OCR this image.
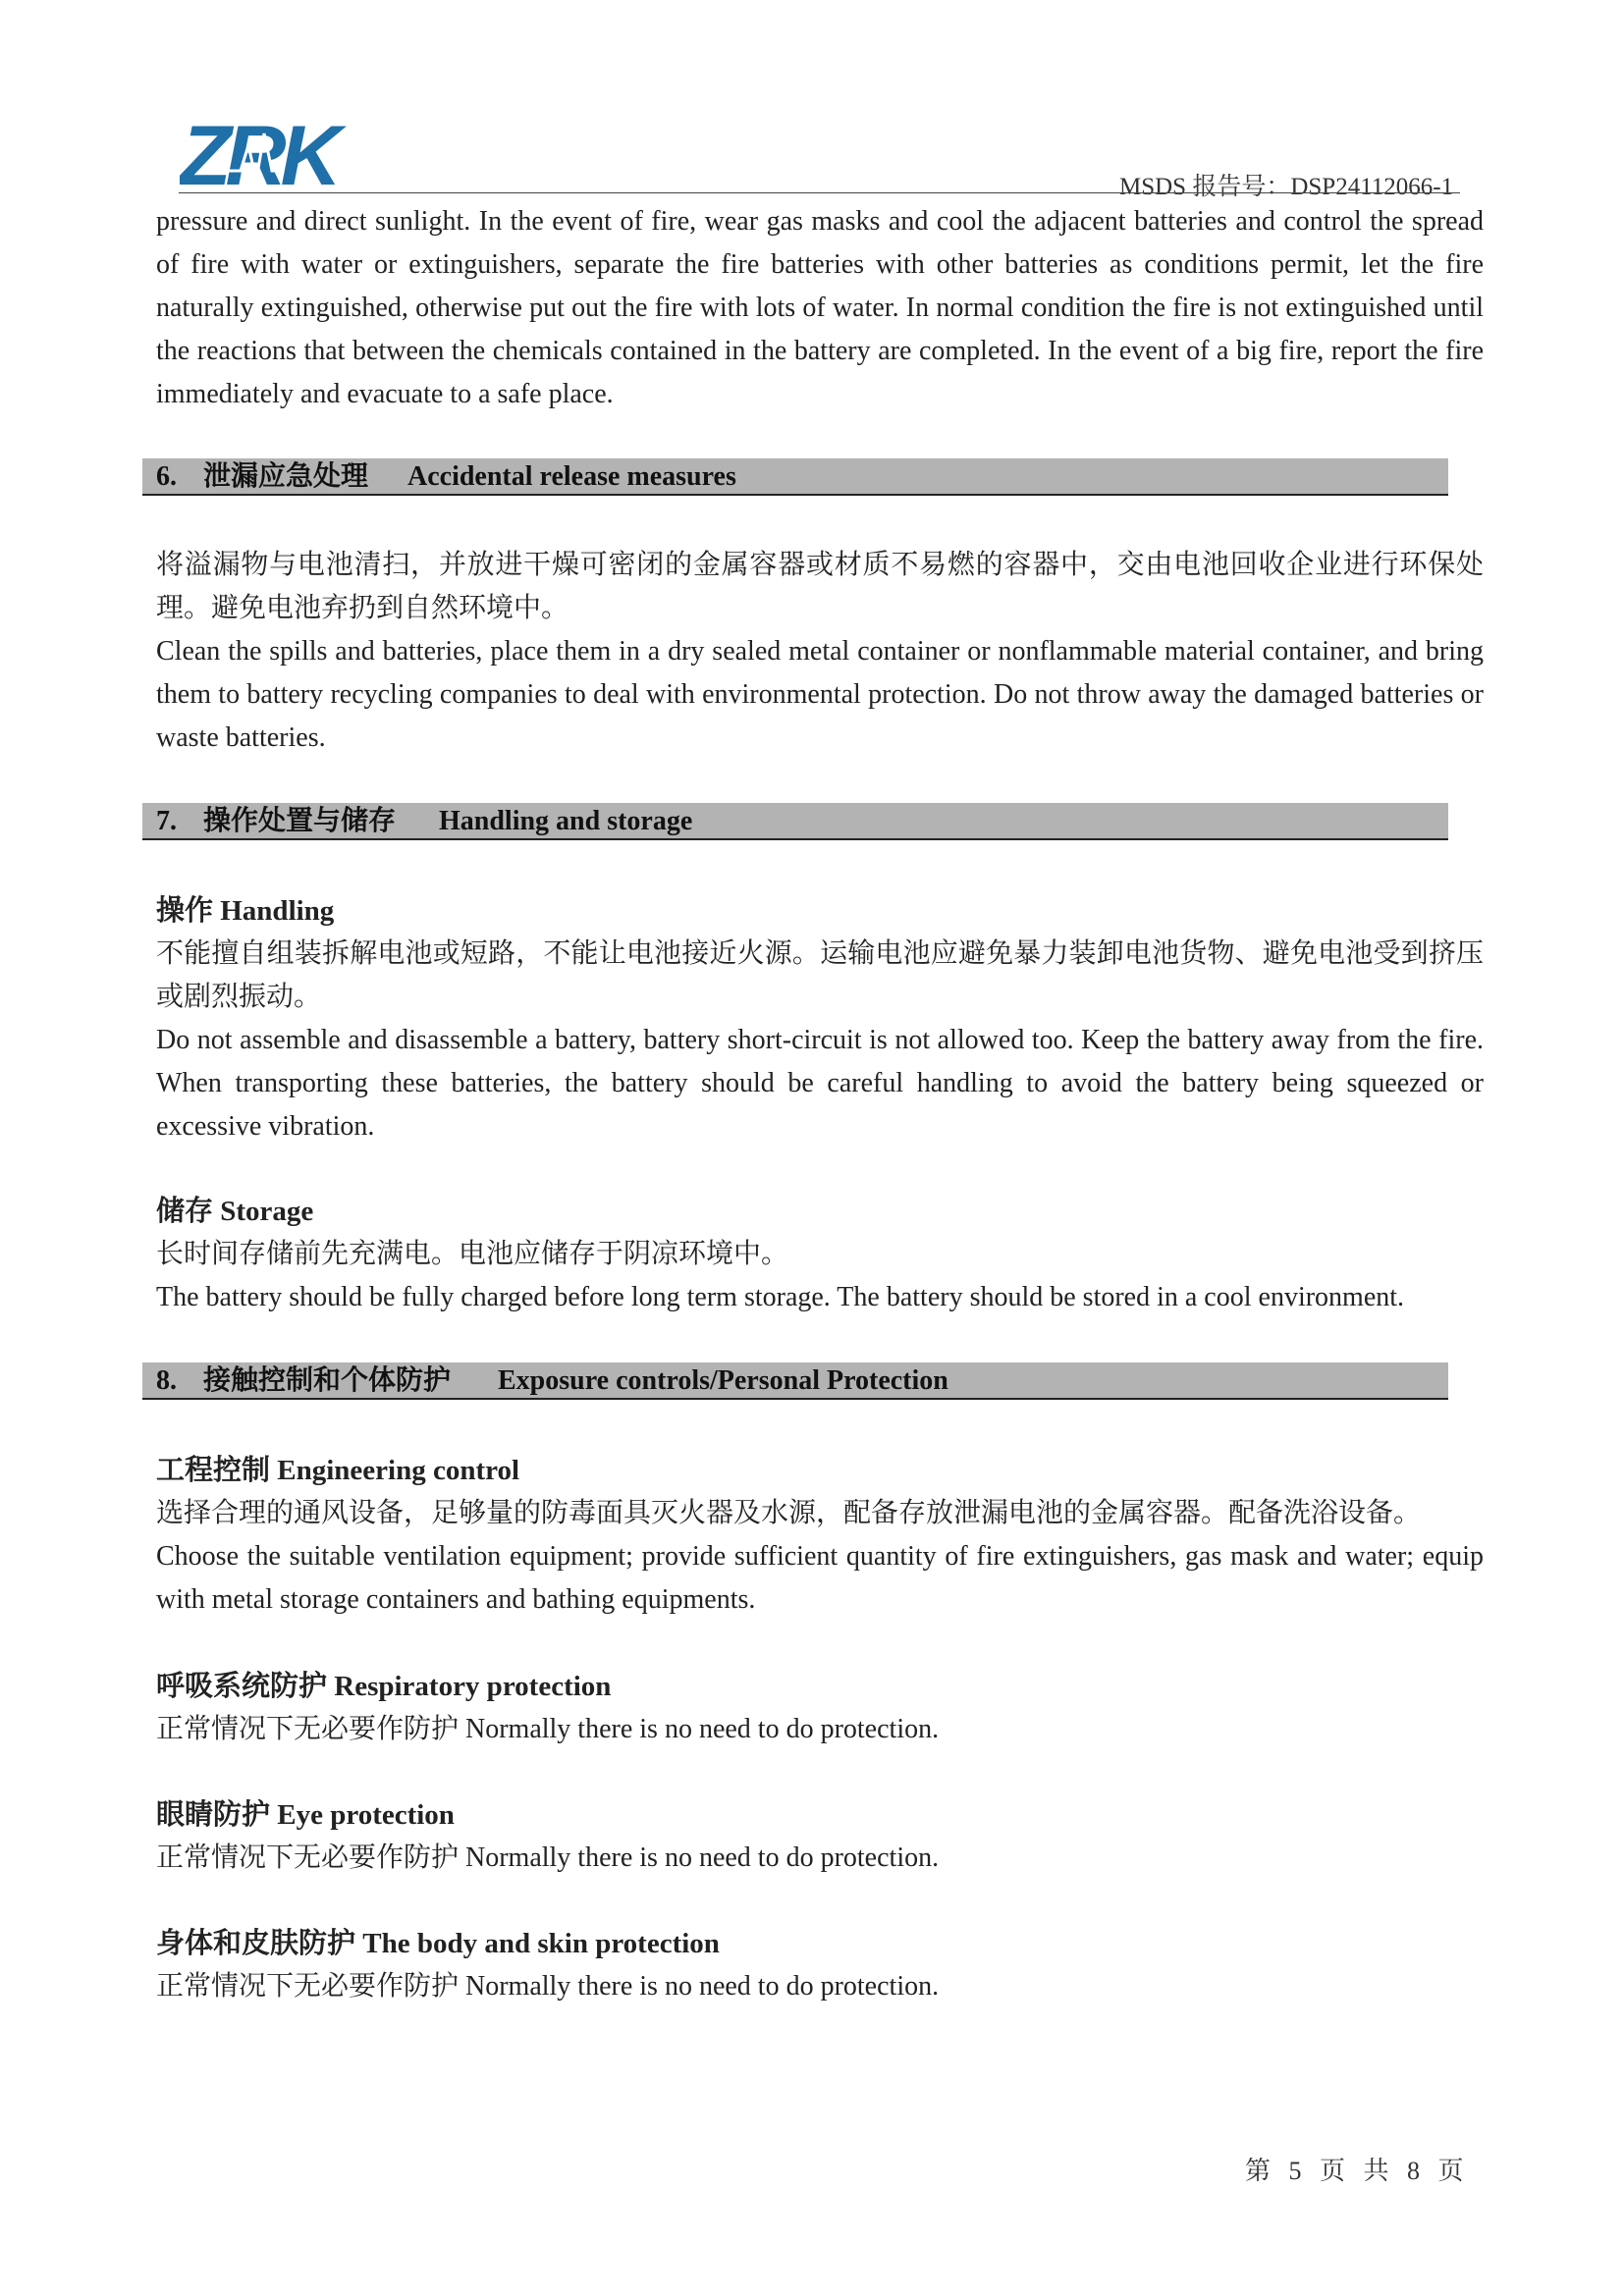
ZRK	MSDS 报告号：DSP24112066-1

pressure and direct sunlight. In the event of fire, wear gas masks and cool the adjacent batteries and control the spread of fire with water or extinguishers, separate the fire batteries with other batteries as conditions permit, let the fire naturally extinguished, otherwise put out the fire with lots of water. In normal condition the fire is not extinguished until the reactions that between the chemicals contained in the battery are completed. In the event of a big fire, report the fire immediately and evacuate to a safe place.

6. 泄漏应急处理 Accidental release measures

将溢漏物与电池清扫，并放进干燥可密闭的金属容器或材质不易燃的容器中，交由电池回收企业进行环保处理。避免电池弃扔到自然环境中。

Clean the spills and batteries, place them in a dry sealed metal container or nonflammable material container, and bring them to battery recycling companies to deal with environmental protection. Do not throw away the damaged batteries or waste batteries.

7. 操作处置与储存 Handling and storage
操作 Handling

不能擅自组装拆解电池或短路，不能让电池接近火源。运输电池应避免暴力装卸电池货物、避免电池受到挤压或剧烈振动。

Do not assemble and disassemble a battery, battery short-circuit is not allowed too. Keep the battery away from the fire. When transporting these batteries, the battery should be careful handling to avoid the battery being squeezed or excessive vibration.

储存 Storage

长时间存储前先充满电。电池应储存于阴凉环境中。

The battery should be fully charged before long term storage. The battery should be stored in a cool environment.

8. 接触控制和个体防护 Exposure controls/Personal Protection
工程控制 Engineering control

选择合理的通风设备，足够量的防毒面具灭火器及水源，配备存放泄漏电池的金属容器。配备洗浴设备。

Choose the suitable ventilation equipment; provide sufficient quantity of fire extinguishers, gas mask and water; equip with metal storage containers and bathing equipments.

呼吸系统防护 Respiratory protection

正常情况下无必要作防护 Normally there is no need to do protection.

眼睛防护 Eye protection

正常情况下无必要作防护 Normally there is no need to do protection.

身体和皮肤防护 The body and skin protection

正常情况下无必要作防护 Normally there is no need to do protection.

第 5 页 共 8 页
